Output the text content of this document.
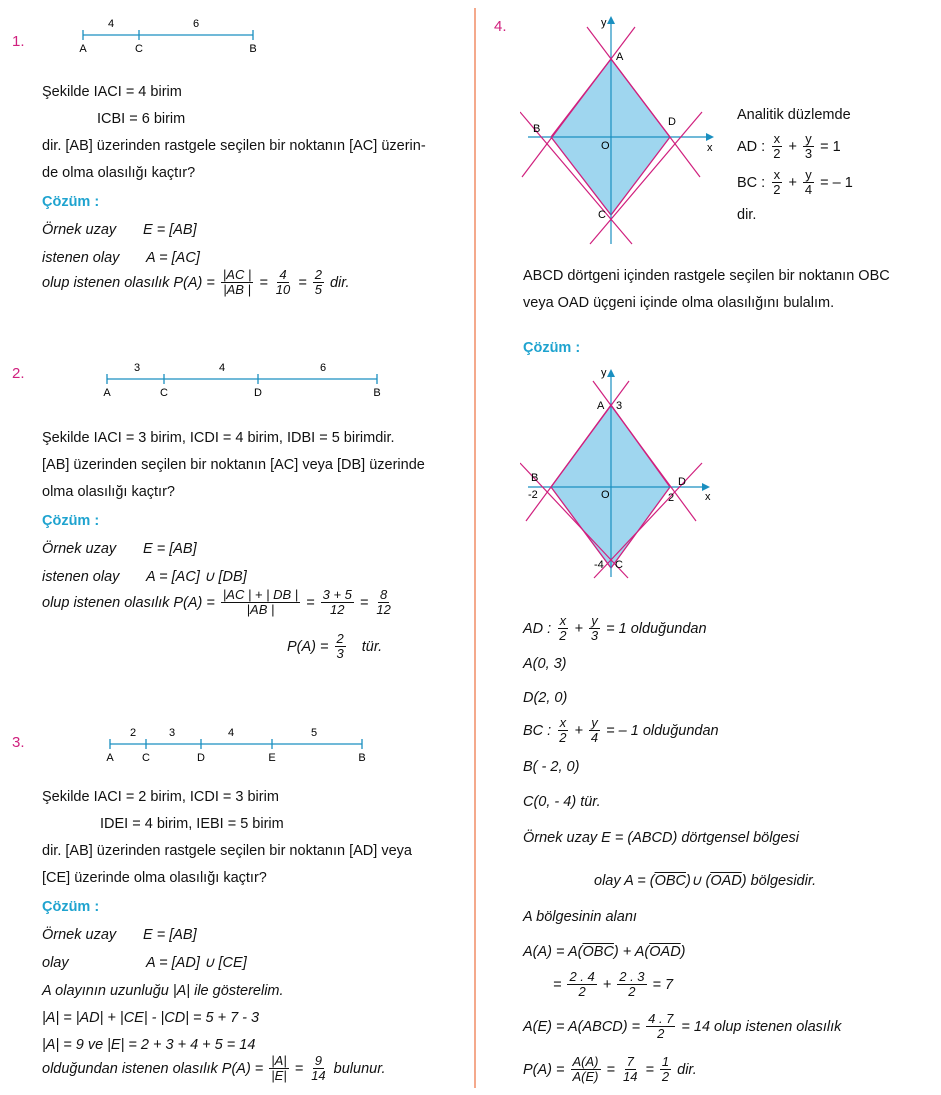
1.
4	6
A	C	B
Şekilde IACI = 4 birim
ICBI = 6 birim
dir. [AB] üzerinden rastgele seçilen bir noktanın [AC] üzerin-
de olma olasılığı kaçtır?
Çözüm :
Örnek uzay E = [AB]
istenen olay A = [AC]
olup istenen olasılık $P(A) = \frac{|AC |}{|AB |} = \frac{4}{10} = \frac{2}{5}$ dir.
2.	3	4	6
A	C	D	B
Şekilde IACI = 3 birim, ICDI = 4 birim, IDBI = 5 birimdir.
[AB] üzerinden seçilen bir noktanın [AC] veya [DB] üzerinde
olma olasılığı kaçtır?
Çözüm :
Örnek uzay E = [AB]
istenen olay A = [AC] ∪ [DB]
olup istenen olasılık $P(A) = \frac{|AC | + | DB |}{|AB |} = \frac{3 + 5}{12} = \frac{8}{12}$
$P(A) = \frac{2}{3}$ tür.
3.
2	3	4	5
A	C	D	E	B
Şekilde IACI = 2 birim, ICDI = 3 birim
IDEI = 4 birim, IEBI = 5 birim
dir. [AB] üzerinden rastgele seçilen bir noktanın [AD] veya
[CE] üzerinde olma olasılığı kaçtır?
Çözüm :
Örnek uzay E = [AB]
olay	A = [AD] ∪ [CE]
A olayının uzunluğu |A| ile gösterelim.
|A| = |AD| + |CE| - |CD| = 5 + 7 - 3
|A| = 9 ve |E| = 2 + 3 + 4 + 5 = 14
olduğundan istenen olasılık $P(A) = \frac{|A|}{|E|} = \frac{9}{14}$ bulunur.
4.	y
x
A
B
D
C
O
Analitik düzlemde
AD : $\frac{x}{2} + \frac{y}{3} = 1$
BC : $\frac{x}{2} + \frac{y}{4}$ = – 1
dir.
ABCD dörtgeni içinden rastgele seçilen bir noktanın OBC
veya OAD üçgeni içinde olma olasılığını bulalım.
Çözüm :
y
x
A 3
B
-2
D
2
C
-4
O
AD : $\frac{x}{2} + \frac{y}{3} = 1$ olduğundan
A(0, 3)
D(2, 0)
BC : $\frac{x}{2} + \frac{y}{4}$ = – 1 olduğundan
B( - 2, 0)
C(0, - 4) tür.
Örnek uzay E = (ABCD) dörtgensel bölgesi
olay $A = (\overline{OBC})\cup$ $(\overline{OAD})$ bölgesidir.
A bölgesinin alanı
$A(A) = A(\overline{OBC}) + A(\overline{OAD})$
= $\frac{2 . 4}{2} + \frac{2 . 3}{2} = 7$
A(E) = A(ABCD) = $\frac{4 . 7}{2} = 14$ olup istenen olasılık
$P(A) = \frac{A(A)}{A(E)} = \frac{7}{14} = \frac{1}{2}$ dir.
